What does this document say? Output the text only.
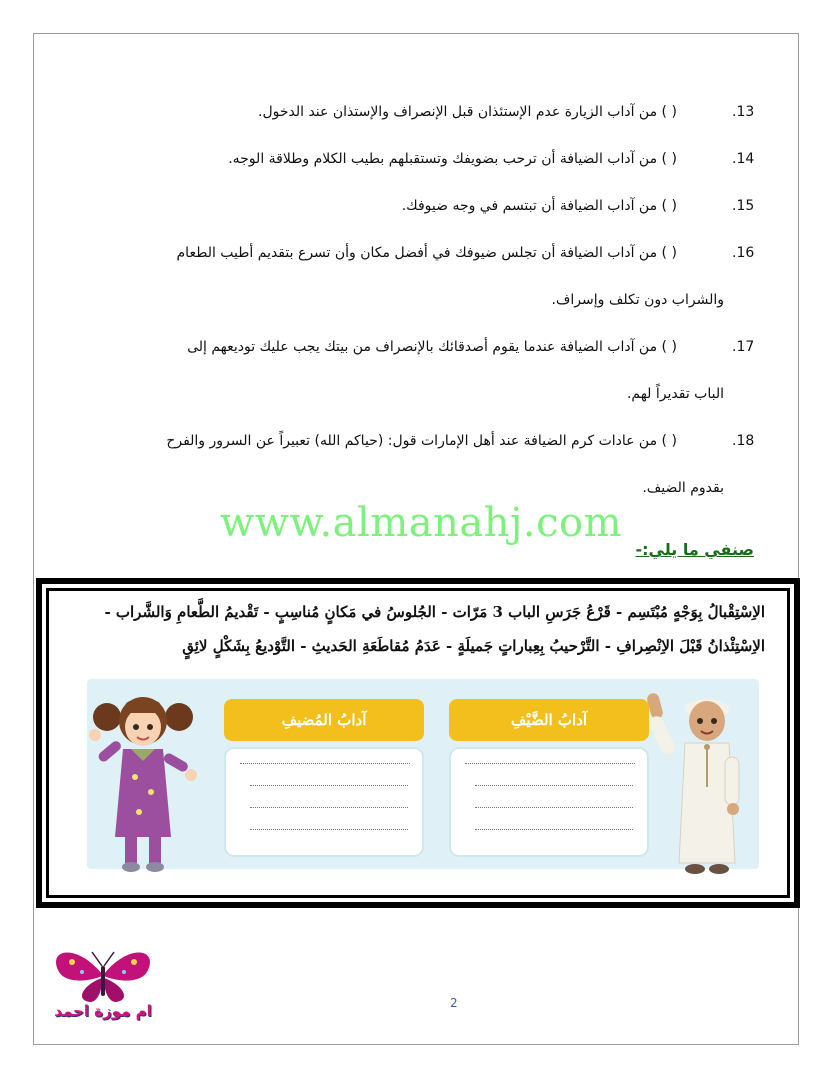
.13 ( ) من آداب الزيارة عدم الإستئذان قبل الإنصراف والإستذان عند الدخول.
.14 ( ) من آداب الضيافة أن ترحب بضويفك وتستقبلهم بطيب الكلام وطلاقة الوجه.
.15 ( ) من آداب الضيافة أن تبتسم في وجه ضيوفك.
.16 ( ) من آداب الضيافة أن تجلس ضيوفك في أفضل مكان وأن تسرع بتقديم أطيب الطعام
والشراب دون تكلف وإسراف.
.17 ( ) من آداب الضيافة عندما يقوم أصدقائك بالإنصراف من بيتك يجب عليك توديعهم إلى
الباب تقديراً لهم.
.18 ( ) من عادات كرم الضيافة عند أهل الإمارات قول: (حياكم الله) تعبيراً عن السرور والفرح
بقدوم الضيف.
www.almanahj.com
صنفي ما يلي:-
الاِسْتِقْبالُ بِوَجْهٍ مُبْتَسِم - قَرْعُ جَرَسِ الباب 3 مَرّات - الجُلوسُ في مَكانٍ مُناسِبٍ - تَقْديمُ الطَّعامِ وَالشَّراب -
الاِسْتِئْذانُ قَبْلَ الاِنْصِرافِ - التَّرْحيبُ بِعِباراتٍ جَميلَةٍ - عَدَمُ مُقاطَعَةِ الحَديثِ - التَّوْديعُ بِشَكْلٍ لائِقٍ
آدابُ المُضيفِ	آدابُ الضَّيْفِ
ام موزة احمد	2
